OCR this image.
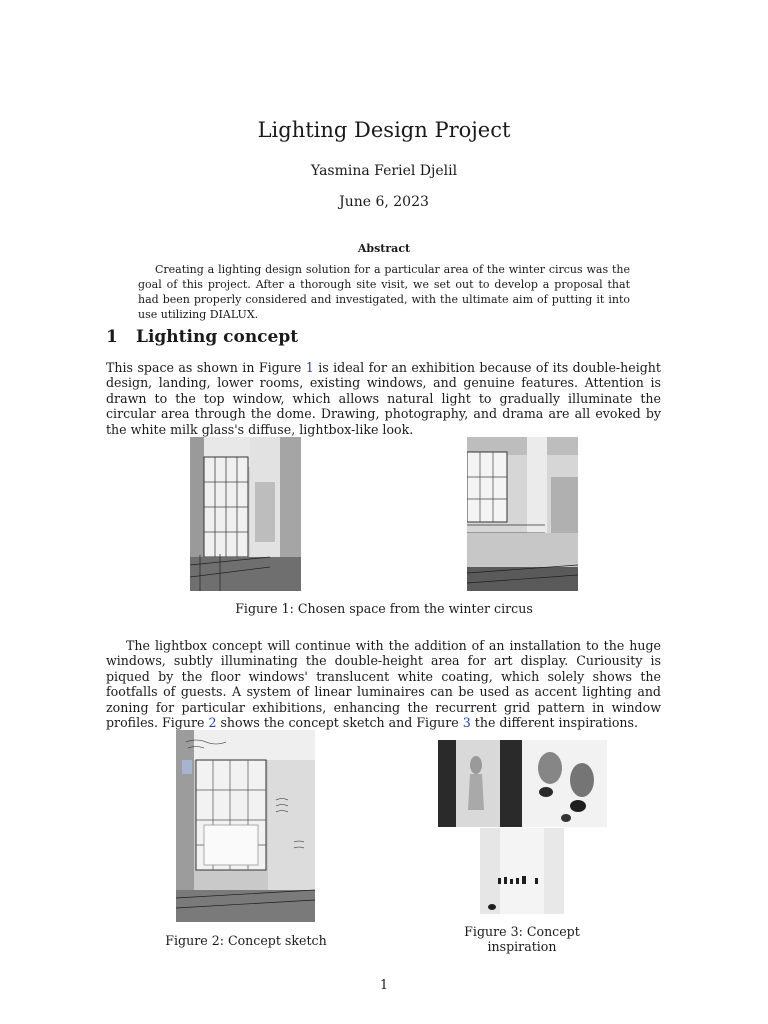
Lighting Design Project
Yasmina Feriel Djelil
June 6, 2023
Abstract
Creating a lighting design solution for a particular area of the winter circus was the goal of this project. After a thorough site visit, we set out to develop a proposal that had been properly considered and investigated, with the ultimate aim of putting it into use utilizing DIALUX.
1 Lighting concept
This space as shown in Figure 1 is ideal for an exhibition because of its double-height design, landing, lower rooms, existing windows, and genuine features. Attention is drawn to the top window, which allows natural light to gradually illuminate the circular area through the dome. Drawing, photography, and drama are all evoked by the white milk glass's diffuse, lightbox-like look.
Figure 1: Chosen space from the winter circus
The lightbox concept will continue with the addition of an installation to the huge windows, subtly illuminating the double-height area for art display. Curiousity is piqued by the floor windows' translucent white coating, which solely shows the footfalls of guests. A system of linear luminaires can be used as accent lighting and zoning for particular exhibitions, enhancing the recurrent grid pattern in window profiles. Figure 2 shows the concept sketch and Figure 3 the different inspirations.
Figure 2: Concept sketch
Figure 3: Concept inspiration
1
